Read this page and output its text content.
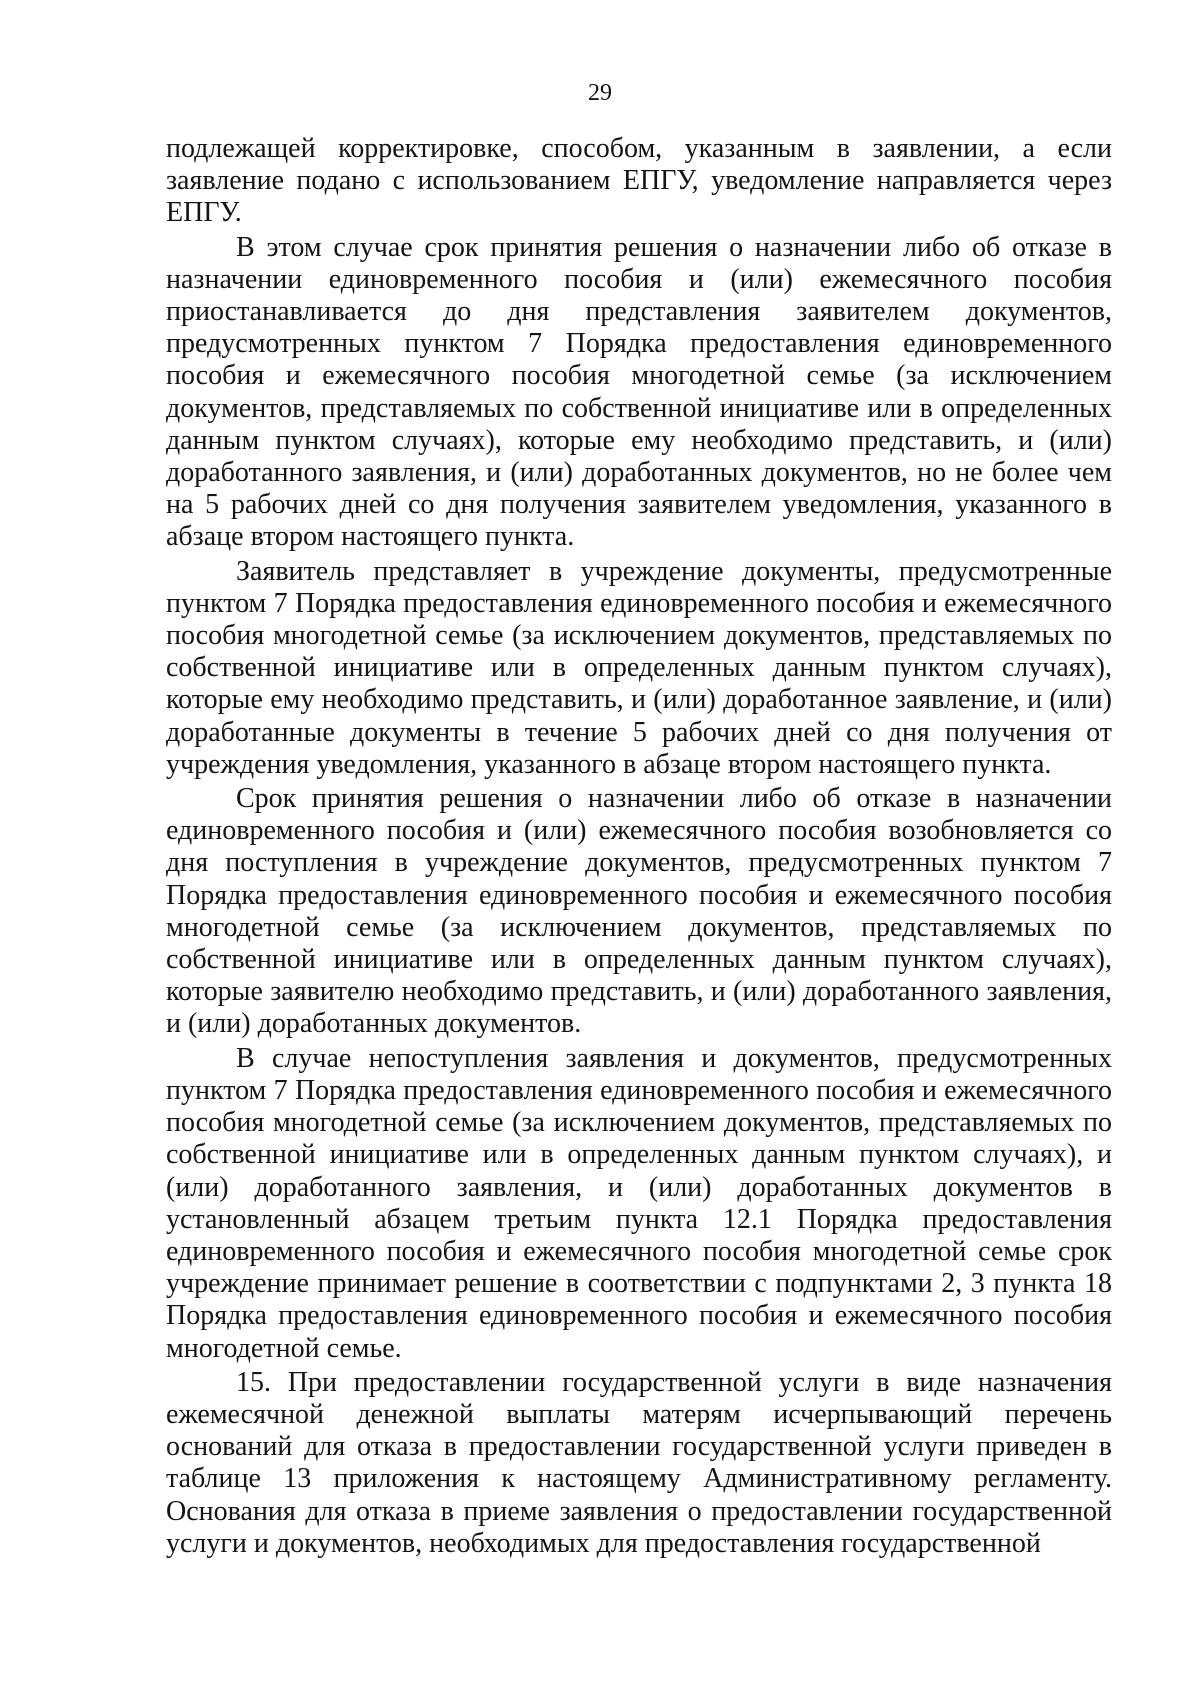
29

подлежащей корректировке, способом, указанным в заявлении, а если заявление подано с использованием ЕПГУ, уведомление направляется через ЕПГУ.

В этом случае срок принятия решения о назначении либо об отказе в назначении единовременного пособия и (или) ежемесячного пособия приостанавливается до дня представления заявителем документов, предусмотренных пунктом 7 Порядка предоставления единовременного пособия и ежемесячного пособия многодетной семье (за исключением документов, представляемых по собственной инициативе или в определенных данным пунктом случаях), которые ему необходимо представить, и (или) доработанного заявления, и (или) доработанных документов, но не более чем на 5 рабочих дней со дня получения заявителем уведомления, указанного в абзаце втором настоящего пункта.

Заявитель представляет в учреждение документы, предусмотренные пунктом 7 Порядка предоставления единовременного пособия и ежемесячного пособия многодетной семье (за исключением документов, представляемых по собственной инициативе или в определенных данным пунктом случаях), которые ему необходимо представить, и (или) доработанное заявление, и (или) доработанные документы в течение 5 рабочих дней со дня получения от учреждения уведомления, указанного в абзаце втором настоящего пункта.

Срок принятия решения о назначении либо об отказе в назначении единовременного пособия и (или) ежемесячного пособия возобновляется со дня поступления в учреждение документов, предусмотренных пунктом 7 Порядка предоставления единовременного пособия и ежемесячного пособия многодетной семье (за исключением документов, представляемых по собственной инициативе или в определенных данным пунктом случаях), которые заявителю необходимо представить, и (или) доработанного заявления, и (или) доработанных документов.

В случае непоступления заявления и документов, предусмотренных пунктом 7 Порядка предоставления единовременного пособия и ежемесячного пособия многодетной семье (за исключением документов, представляемых по собственной инициативе или в определенных данным пунктом случаях), и (или) доработанного заявления, и (или) доработанных документов в установленный абзацем третьим пункта 12.1 Порядка предоставления единовременного пособия и ежемесячного пособия многодетной семье срок учреждение принимает решение в соответствии с подпунктами 2, 3 пункта 18 Порядка предоставления единовременного пособия и ежемесячного пособия многодетной семье.

15. При предоставлении государственной услуги в виде назначения ежемесячной денежной выплаты матерям исчерпывающий перечень оснований для отказа в предоставлении государственной услуги приведен в таблице 13 приложения к настоящему Административному регламенту. Основания для отказа в приеме заявления о предоставлении государственной услуги и документов, необходимых для предоставления государственной
